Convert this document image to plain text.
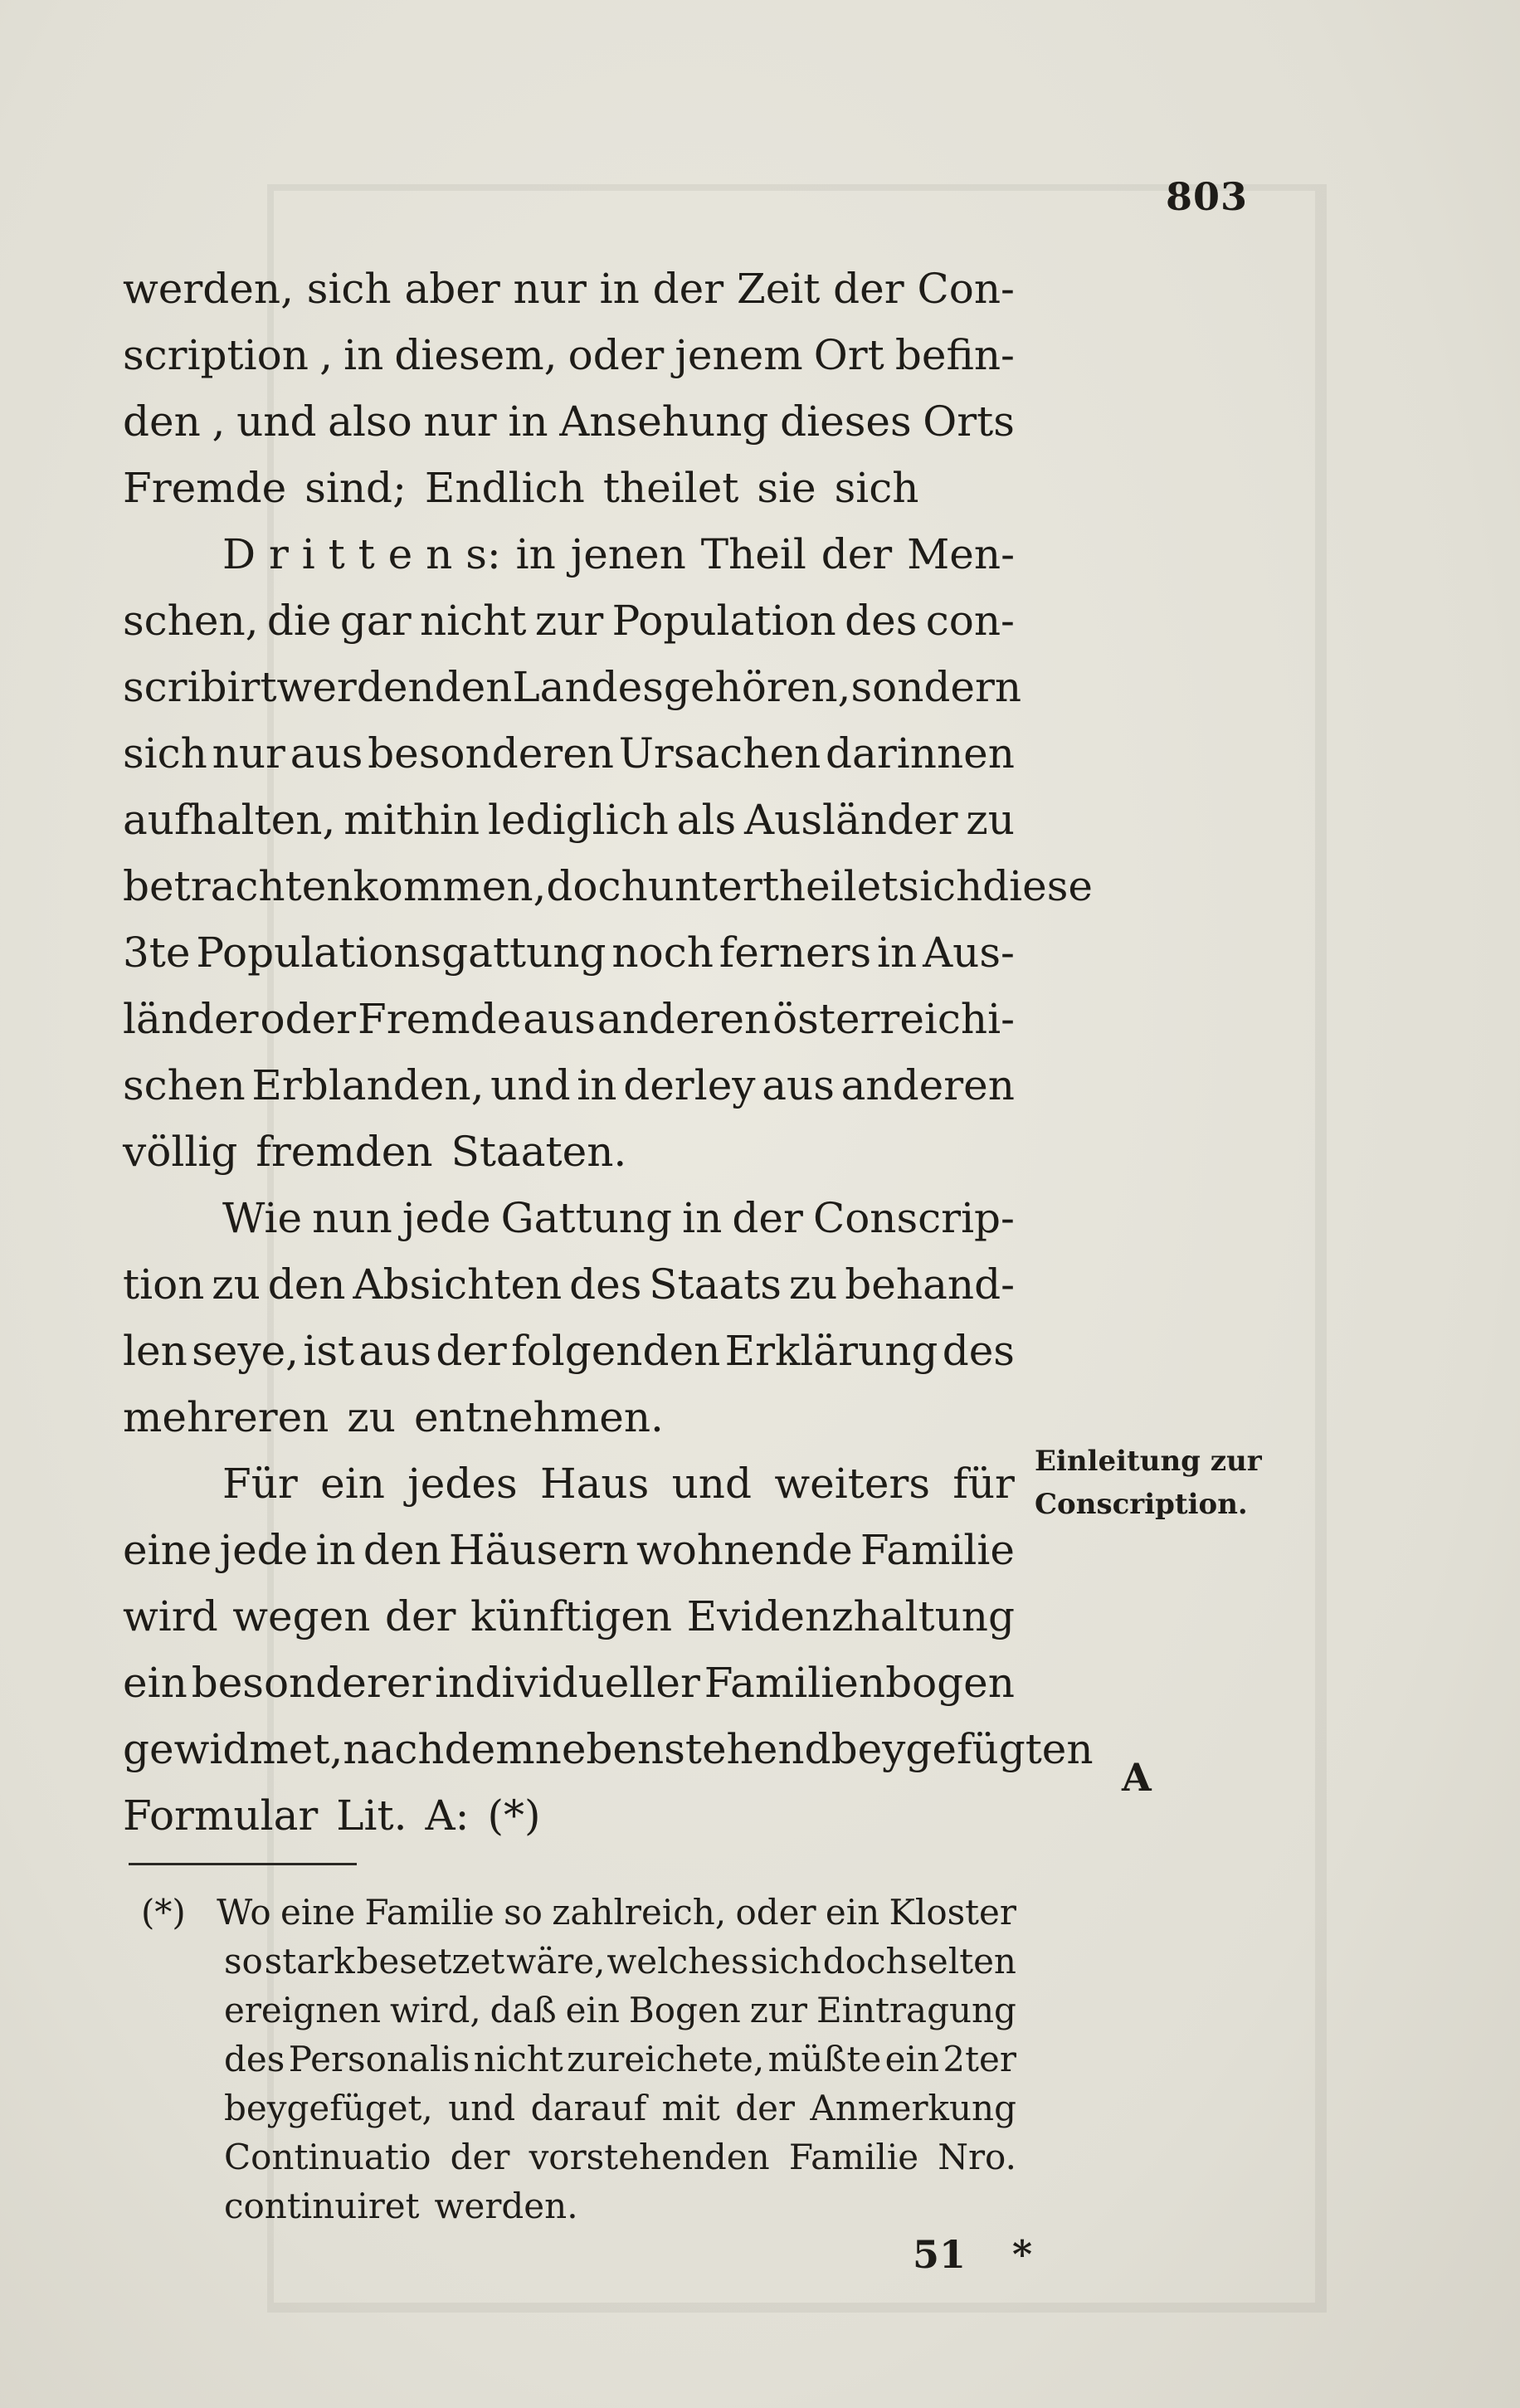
803
werden, sich aber nur in der Zeit der Con-
scription , in diesem, oder jenem Ort befin-
den , und also nur in Ansehung dieses Orts
Fremde sind; Endlich theilet sie sich
D r i t t e n s: in jenen Theil der Men-
schen, die gar nicht zur Population des con-
scribirt werdenden Landes gehören , sondern
sich nur aus besonderen Ursachen darinnen
aufhalten, mithin lediglich als Ausländer zu
betrachten kommen, doch untertheilet sich diese
3te Populationsgattung noch ferners in Aus-
länder oder Fremde aus anderen österreichi-
schen Erblanden, und in derley aus anderen
völlig fremden Staaten.
Wie nun jede Gattung in der Conscrip-
tion zu den Absichten des Staats zu behand-
len seye, ist aus der folgenden Erklärung des
mehreren zu entnehmen.
Für ein jedes Haus und weiters für
eine jede in den Häusern wohnende Familie
wird wegen der künftigen Evidenzhaltung
ein besonderer individueller Familienbogen
gewidmet, nach dem nebenstehend beygefügten
Formular Lit. A: (*)
Einleitung zur
Conscription.
A
(*) Wo eine Familie so zahlreich, oder ein Kloster
so stark besetzet wäre, welches sich doch selten
ereignen wird, daß ein Bogen zur Eintragung
des Personalis nicht zureichete, müßte ein 2ter
beygefüget, und darauf mit der Anmerkung
Continuatio der vorstehenden Familie Nro.
continuiret werden.
51 *
